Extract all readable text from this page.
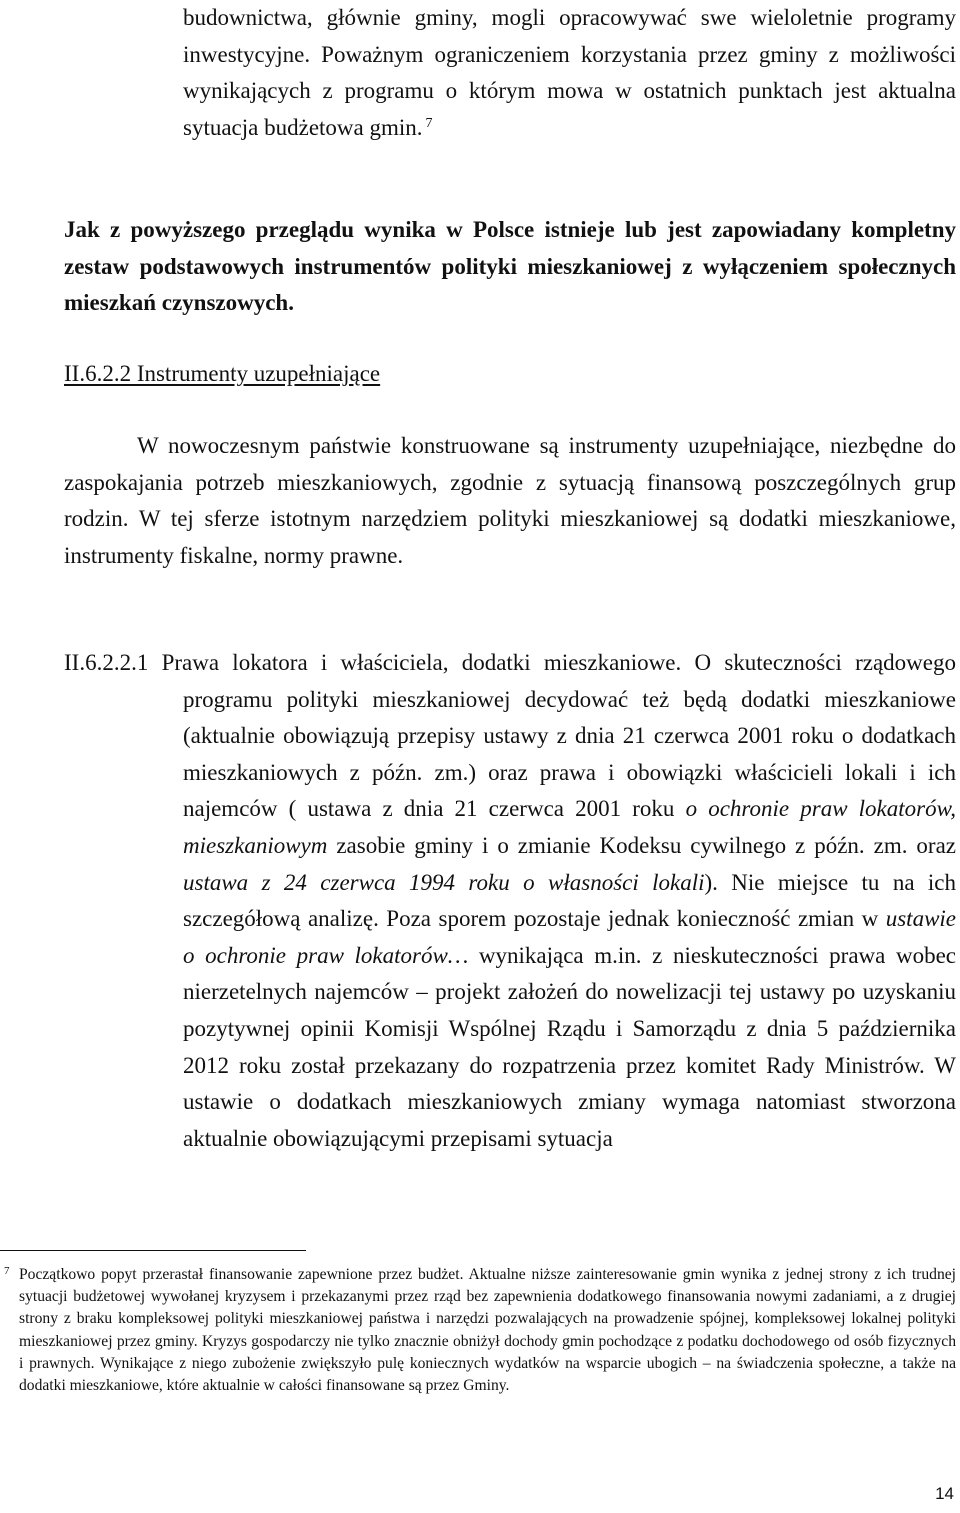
budownictwa, głównie gminy, mogli opracowywać swe wieloletnie programy inwestycyjne. Poważnym ograniczeniem korzystania przez gminy z możliwości wynikających z programu o którym mowa w ostatnich punktach jest aktualna sytuacja budżetowa gmin. $^7$
Jak z powyższego przeglądu wynika w Polsce istnieje lub jest zapowiadany kompletny zestaw podstawowych instrumentów polityki mieszkaniowej z wyłączeniem społecznych mieszkań czynszowych.
II.6.2.2 Instrumenty uzupełniające
W nowoczesnym państwie konstruowane są instrumenty uzupełniające, niezbędne do zaspokajania potrzeb mieszkaniowych, zgodnie z sytuacją finansową poszczególnych grup rodzin. W tej sferze istotnym narzędziem polityki mieszkaniowej są dodatki mieszkaniowe, instrumenty fiskalne, normy prawne.
II.6.2.2.1 Prawa lokatora i właściciela, dodatki mieszkaniowe. O skuteczności rządowego programu polityki mieszkaniowej decydować też będą dodatki mieszkaniowe (aktualnie obowiązują przepisy ustawy z dnia 21 czerwca 2001 roku o dodatkach mieszkaniowych z późn. zm.) oraz prawa i obowiązki właścicieli lokali i ich najemców ( ustawa z dnia 21 czerwca 2001 roku o ochronie praw lokatorów, mieszkaniowym zasobie gminy i o zmianie Kodeksu cywilnego z późn. zm. oraz ustawa z 24 czerwca 1994 roku o własności lokali). Nie miejsce tu na ich szczegółową analizę. Poza sporem pozostaje jednak konieczność zmian w ustawie o ochronie praw lokatorów… wynikająca m.in. z nieskuteczności prawa wobec nierzetelnych najemców – projekt założeń do nowelizacji tej ustawy po uzyskaniu pozytywnej opinii Komisji Wspólnej Rządu i Samorządu z dnia 5 października 2012 roku został przekazany do rozpatrzenia przez komitet Rady Ministrów. W ustawie o dodatkach mieszkaniowych zmiany wymaga natomiast stworzona aktualnie obowiązującymi przepisami sytuacja
7 Początkowo popyt przerastał finansowanie zapewnione przez budżet. Aktualne niższe zainteresowanie gmin wynika z jednej strony z ich trudnej sytuacji budżetowej wywołanej kryzysem i przekazanymi przez rząd bez zapewnienia dodatkowego finansowania nowymi zadaniami, a z drugiej strony z braku kompleksowej polityki mieszkaniowej państwa i narzędzi pozwalających na prowadzenie spójnej, kompleksowej lokalnej polityki mieszkaniowej przez gminy. Kryzys gospodarczy nie tylko znacznie obniżył dochody gmin pochodzące z podatku dochodowego od osób fizycznych i prawnych. Wynikające z niego zubożenie zwiększyło pulę koniecznych wydatków na wsparcie ubogich – na świadczenia społeczne, a także na dodatki mieszkaniowe, które aktualnie w całości finansowane są przez Gminy.
14
